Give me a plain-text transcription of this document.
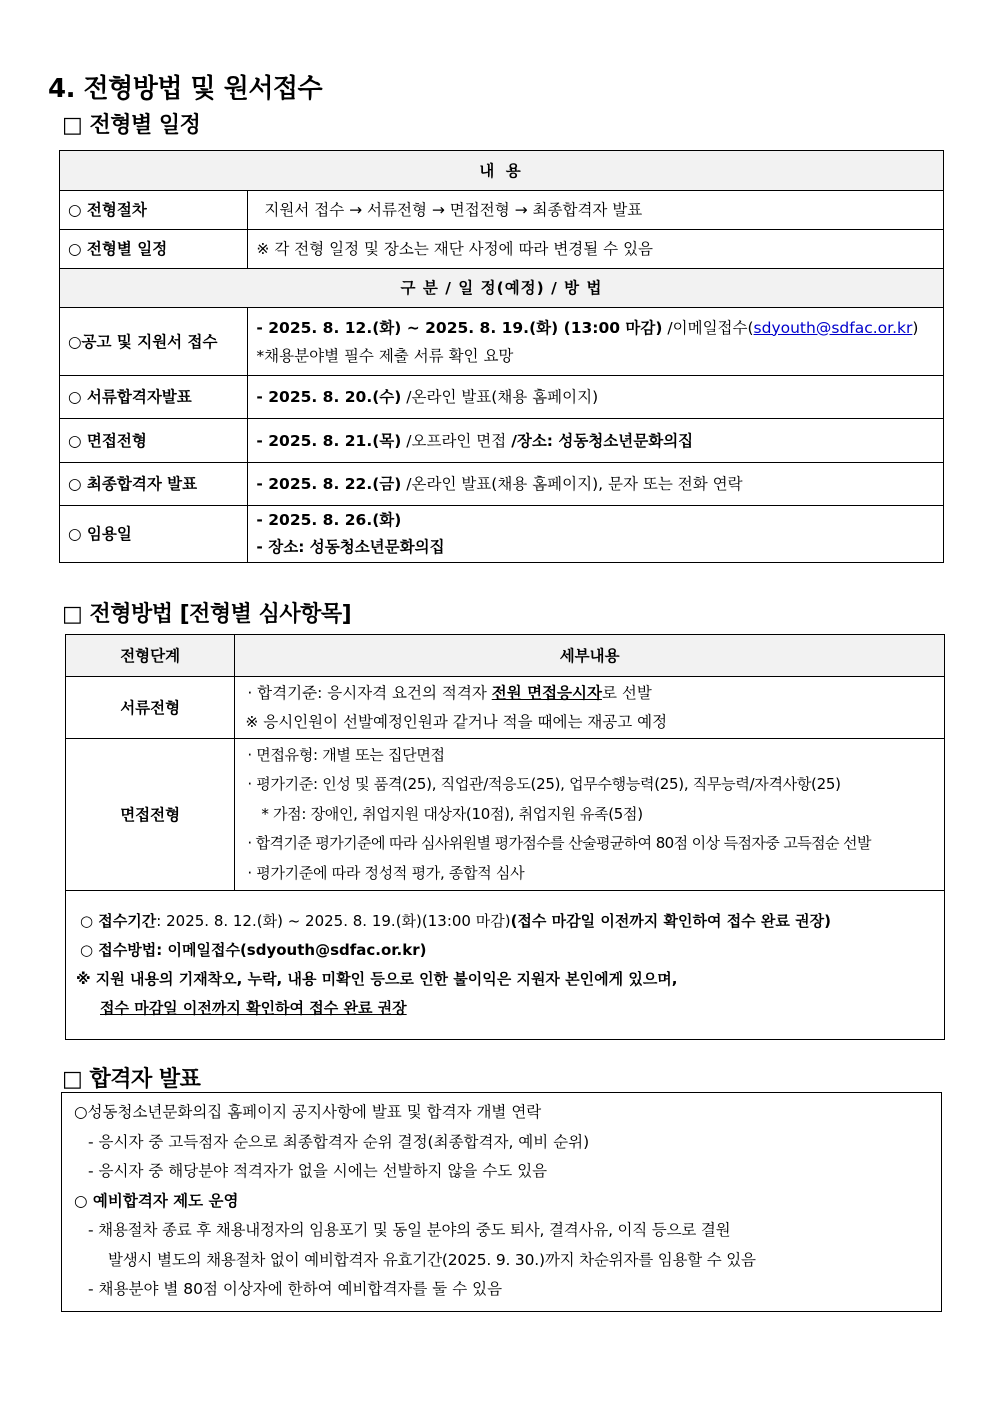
4. 전형방법 및 원서접수
□ 전형별 일정
내 용	
○ 전형절차	지원서 접수 → 서류전형 → 면접전형 → 최종합격자 발표
○ 전형별 일정	※ 각 전형 일정 및 장소는 재단 사정에 따라 변경될 수 있음
구 분 / 일 정(예정) / 방 법	
○공고 및 지원서 접수	- 2025. 8. 12.(화) ~ 2025. 8. 19.(화) (13:00 마감) /이메일접수(sdyouth@sdfac.or.kr)
*채용분야별 필수 제출 서류 확인 요망

○ 서류합격자발표	- 2025. 8. 20.(수) /온라인 발표(채용 홈페이지)
○ 면접전형	- 2025. 8. 21.(목) /오프라인 면접 /장소: 성동청소년문화의집
○ 최종합격자 발표	- 2025. 8. 22.(금) /온라인 발표(채용 홈페이지), 문자 또는 전화 연락
○ 임용일	- 2025. 8. 26.(화)
- 장소: 성동청소년문화의집
□ 전형방법 [전형별 심사항목]
전형단계	세부내용
서류전형	· 합격기준: 응시자격 요건의 적격자 전원 면접응시자로 선발
※ 응시인원이 선발예정인원과 같거나 적을 때에는 재공고 예정

면접전형	· 면접유형: 개별 또는 집단면접
· 평가기준: 인성 및 품격(25), 직업관/적응도(25), 업무수행능력(25), 직무능력/자격사항(25)
* 가점: 장애인, 취업지원 대상자(10점), 취업지원 유족(5점)
· 합격기준 평가기준에 따라 심사위원별 평가점수를 산술평균하여 80점 이상 득점자중 고득점순 선발
· 평가기준에 따라 정성적 평가, 종합적 심사

○ 접수기간: 2025. 8. 12.(화) ~ 2025. 8. 19.(화)(13:00 마감)(접수 마감일 이전까지 확인하여 접수 완료 권장)
○ 접수방법: 이메일접수(sdyouth@sdfac.or.kr)
※ 지원 내용의 기재착오, 누락, 내용 미확인 등으로 인한 불이익은 지원자 본인에게 있으며,
접수 마감일 이전까지 확인하여 접수 완료 권장	
□ 합격자 발표
○성동청소년문화의집 홈페이지 공지사항에 발표 및 합격자 개별 연락
- 응시자 중 고득점자 순으로 최종합격자 순위 결정(최종합격자, 예비 순위)
- 응시자 중 해당분야 적격자가 없을 시에는 선발하지 않을 수도 있음
○ 예비합격자 제도 운영
- 채용절차 종료 후 채용내정자의 임용포기 및 동일 분야의 중도 퇴사, 결격사유, 이직 등으로 결원
발생시 별도의 채용절차 없이 예비합격자 유효기간(2025. 9. 30.)까지 차순위자를 임용할 수 있음
- 채용분야 별 80점 이상자에 한하여 예비합격자를 둘 수 있음
